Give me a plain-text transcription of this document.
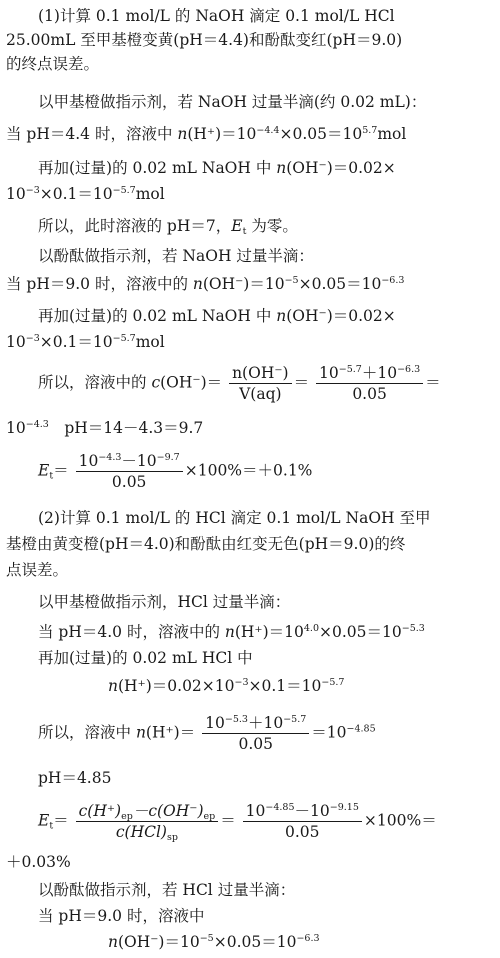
(1)计算 0.1 mol/L 的 NaOH 滴定 0.1 mol/L HCl
25.00mL 至甲基橙变黄(pH＝4.4)和酚酞变红(pH＝9.0)
的终点误差。
以甲基橙做指示剂，若 NaOH 过量半滴(约 0.02 mL)：
当 pH＝4.4 时，溶液中 $n(H^+)=10^{-4.4}\times 0.05=10^{5.7}mol$
再加(过量)的 0.02 mL NaOH 中 n(OH⁻)＝0.02×
$10^{-3}\times 0.1=10^{-5.7}mol$
所以，此时溶液的 pH＝7，$E_t$ 为零。
以酚酞做指示剂，若 NaOH 过量半滴：
当 pH＝9.0 时，溶液中的 $n(OH^-)=10^{-5}\times 0.05=10^{-6.3}$
再加(过量)的 0.02 mL NaOH 中 n(OH⁻)＝0.02×
$10^{-3}\times 0.1=10^{-5.7}mol$
所以，溶液中的 $c(OH^-)= \frac{n(OH^-)}{V(aq)} = \frac{10^{-5.7}+10^{-6.3}}{0.05}$ ＝
$10^{-4.3}$　pH＝14－4.3＝9.7
$E_t= \frac{10^{-4.3}-10^{-9.7}}{0.05} \times 100\%=+0.1\%$
(2)计算 0.1 mol/L 的 HCl 滴定 0.1 mol/L NaOH 至甲
基橙由黄变橙(pH＝4.0)和酚酞由红变无色(pH＝9.0)的终
点误差。
以甲基橙做指示剂，HCl 过量半滴：
当 pH＝4.0 时，溶液中的 $n(H^+)=10^{4.0}\times 0.05=10^{-5.3}$
再加(过量)的 0.02 mL HCl 中
$n(H^+)=0.02\times 10^{-3}\times 0.1=10^{-5.7}$
所以，溶液中 $n(H^+)= \frac{10^{-5.3}+10^{-5.7}}{0.05} =10^{-4.85}$
pH＝4.85
$E_t= \frac{c(H^+)_{ep}-c(OH^-)_{ep}}{c(HCl)_{sp}} = \frac{10^{-4.85}-10^{-9.15}}{0.05} \times 100\%=$
＋0.03%
以酚酞做指示剂，若 HCl 过量半滴：
当 pH＝9.0 时，溶液中
$n(OH^-)=10^{-5}\times 0.05=10^{-6.3}$
